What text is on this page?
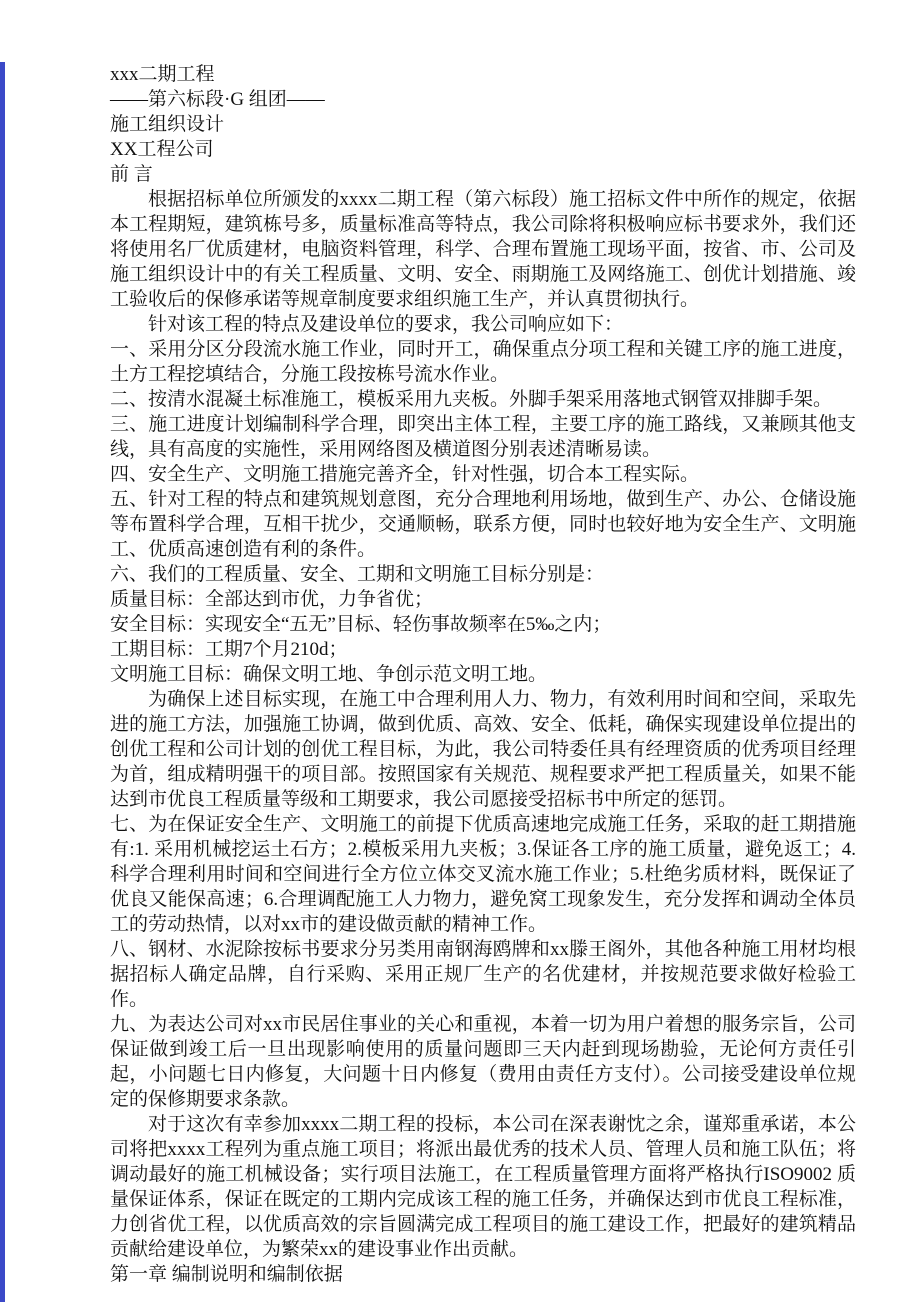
xxx二期工程

——第六标段·G 组团——

施工组织设计

XX工程公司

前 言

根据招标单位所颁发的xxxx二期工程（第六标段）施工招标文件中所作的规定，依据本工程期短，建筑栋号多，质量标准高等特点，我公司除将积极响应标书要求外，我们还将使用名厂优质建材，电脑资料管理，科学、合理布置施工现场平面，按省、市、公司及施工组织设计中的有关工程质量、文明、安全、雨期施工及网络施工、创优计划措施、竣工验收后的保修承诺等规章制度要求组织施工生产，并认真贯彻执行。

针对该工程的特点及建设单位的要求，我公司响应如下：

一、采用分区分段流水施工作业，同时开工，确保重点分项工程和关键工序的施工进度，土方工程挖填结合，分施工段按栋号流水作业。

二、按清水混凝土标准施工，模板采用九夹板。外脚手架采用落地式钢管双排脚手架。

三、施工进度计划编制科学合理，即突出主体工程，主要工序的施工路线，又兼顾其他支线，具有高度的实施性，采用网络图及横道图分别表述清晰易读。

四、安全生产、文明施工措施完善齐全，针对性强，切合本工程实际。

五、针对工程的特点和建筑规划意图，充分合理地利用场地，做到生产、办公、仓储设施等布置科学合理，互相干扰少，交通顺畅，联系方便，同时也较好地为安全生产、文明施工、优质高速创造有利的条件。

六、我们的工程质量、安全、工期和文明施工目标分别是：

质量目标：全部达到市优，力争省优；

安全目标：实现安全“五无”目标、轻伤事故频率在5‰之内；

工期目标：工期7个月210d；

文明施工目标：确保文明工地、争创示范文明工地。

为确保上述目标实现，在施工中合理利用人力、物力，有效利用时间和空间，采取先进的施工方法，加强施工协调，做到优质、高效、安全、低耗，确保实现建设单位提出的创优工程和公司计划的创优工程目标，为此，我公司特委任具有经理资质的优秀项目经理为首，组成精明强干的项目部。按照国家有关规范、规程要求严把工程质量关，如果不能达到市优良工程质量等级和工期要求，我公司愿接受招标书中所定的惩罚。

七、为在保证安全生产、文明施工的前提下优质高速地完成施工任务，采取的赶工期措施有:1. 采用机械挖运土石方；2.模板采用九夹板；3.保证各工序的施工质量，避免返工；4.科学合理利用时间和空间进行全方位立体交叉流水施工作业；5.杜绝劣质材料，既保证了优良又能保高速；6.合理调配施工人力物力，避免窝工现象发生，充分发挥和调动全体员工的劳动热情，以对xx市的建设做贡献的精神工作。

八、钢材、水泥除按标书要求分另类用南钢海鸥牌和xx滕王阁外，其他各种施工用材均根据招标人确定品牌，自行采购、采用正规厂生产的名优建材，并按规范要求做好检验工作。

九、为表达公司对xx市民居住事业的关心和重视，本着一切为用户着想的服务宗旨，公司保证做到竣工后一旦出现影响使用的质量问题即三天内赶到现场勘验，无论何方责任引起，小问题七日内修复，大问题十日内修复（费用由责任方支付）。公司接受建设单位规定的保修期要求条款。

对于这次有幸参加xxxx二期工程的投标，本公司在深表谢忱之余，谨郑重承诺，本公司将把xxxx工程列为重点施工项目；将派出最优秀的技术人员、管理人员和施工队伍；将调动最好的施工机械设备；实行项目法施工，在工程质量管理方面将严格执行ISO9002 质量保证体系，保证在既定的工期内完成该工程的施工任务，并确保达到市优良工程标准，力创省优工程，以优质高效的宗旨圆满完成工程项目的施工建设工作，把最好的建筑精品贡献给建设单位，为繁荣xx的建设事业作出贡献。

第一章 编制说明和编制依据
